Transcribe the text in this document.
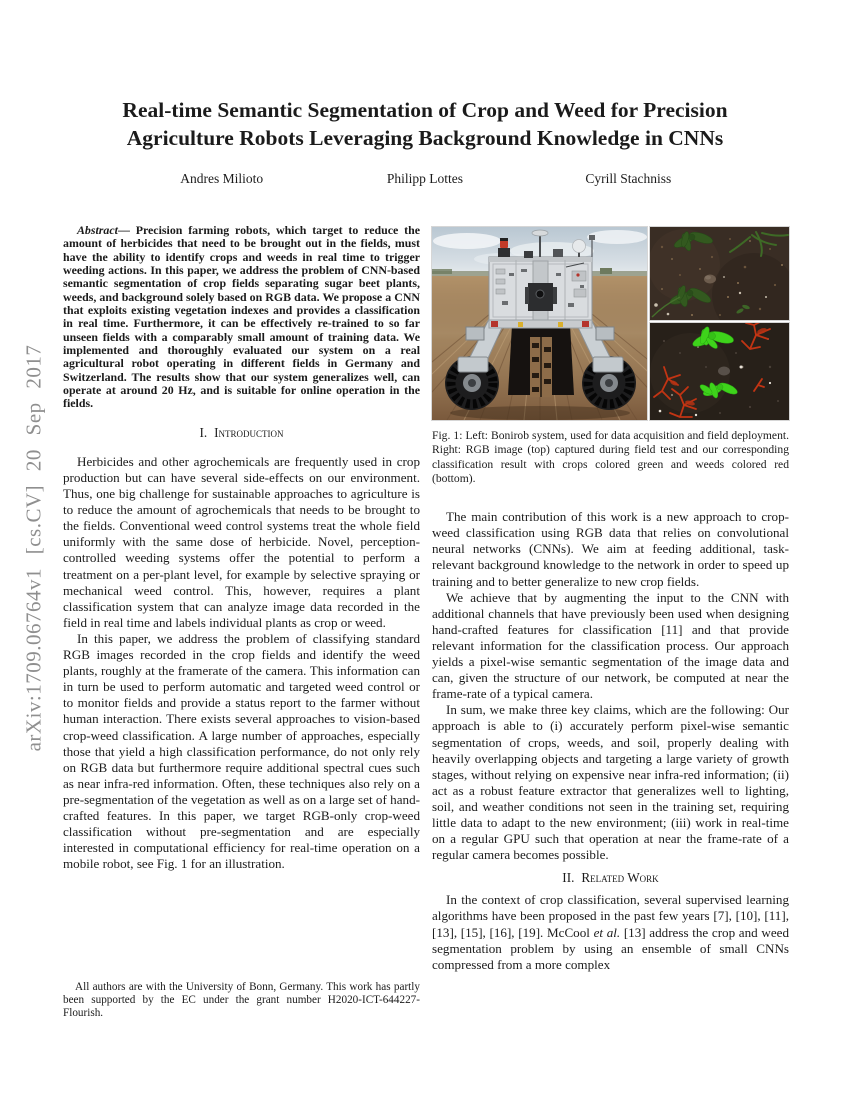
arXiv:1709.06764v1 [cs.CV] 20 Sep 2017
Real-time Semantic Segmentation of Crop and Weed for Precision
Agriculture Robots Leveraging Background Knowledge in CNNs
Andres Milioto	Philipp Lottes	Cyrill Stachniss

Abstract— Precision farming robots, which target to reduce the amount of herbicides that need to be brought out in the fields, must have the ability to identify crops and weeds in real time to trigger weeding actions. In this paper, we address the problem of CNN-based semantic segmentation of crop fields separating sugar beet plants, weeds, and background solely based on RGB data. We propose a CNN that exploits existing vegetation indexes and provides a classification in real time. Furthermore, it can be effectively re-trained to so far unseen fields with a comparably small amount of training data. We implemented and thoroughly evaluated our system on a real agricultural robot operating in different fields in Germany and Switzerland. The results show that our system generalizes well, can operate at around 20 Hz, and is suitable for online operation in the fields.

I. Introduction

Herbicides and other agrochemicals are frequently used in crop production but can have several side-effects on our environment. Thus, one big challenge for sustainable approaches to agriculture is to reduce the amount of agrochemicals that needs to be brought to the fields. Conventional weed control systems treat the whole field uniformly with the same dose of herbicide. Novel, perception-controlled weeding systems offer the potential to perform a treatment on a per-plant level, for example by selective spraying or mechanical weed control. This, however, requires a plant classification system that can analyze image data recorded in the field in real time and labels individual plants as crop or weed.

In this paper, we address the problem of classifying standard RGB images recorded in the crop fields and identify the weed plants, roughly at the framerate of the camera. This information can in turn be used to perform automatic and targeted weed control or to monitor fields and provide a status report to the farmer without human interaction. There exists several approaches to vision-based crop-weed classification. A large number of approaches, especially those that yield a high classification performance, do not only rely on RGB data but furthermore require additional spectral cues such as near infra-red information. Often, these techniques also rely on a pre-segmentation of the vegetation as well as on a large set of hand-crafted features. In this paper, we target RGB-only crop-weed classification without pre-segmentation and are especially interested in computational efficiency for real-time operation on a mobile robot, see Fig. 1 for an illustration.

All authors are with the University of Bonn, Germany. This work has partly been supported by the EC under the grant number H2020-ICT-644227-Flourish.
Fig. 1: Left: Bonirob system, used for data acquisition and field deployment. Right: RGB image (top) captured during field test and our corresponding classification result with crops colored green and weeds colored red (bottom).

The main contribution of this work is a new approach to crop-weed classification using RGB data that relies on convolutional neural networks (CNNs). We aim at feeding additional, task-relevant background knowledge to the network in order to speed up training and to better generalize to new crop fields.

We achieve that by augmenting the input to the CNN with additional channels that have previously been used when designing hand-crafted features for classification [11] and that provide relevant information for the classification process. Our approach yields a pixel-wise semantic segmentation of the image data and can, given the structure of our network, be computed at near the frame-rate of a typical camera.

In sum, we make three key claims, which are the following: Our approach is able to (i) accurately perform pixel-wise semantic segmentation of crops, weeds, and soil, properly dealing with heavily overlapping objects and targeting a large variety of growth stages, without relying on expensive near infra-red information; (ii) act as a robust feature extractor that generalizes well to lighting, soil, and weather conditions not seen in the training set, requiring little data to adapt to the new environment; (iii) work in real-time on a regular GPU such that operation at near the frame-rate of a regular camera becomes possible.

II. Related Work

In the context of crop classification, several supervised learning algorithms have been proposed in the past few years [7], [10], [11], [13], [15], [16], [19]. McCool et al. [13] address the crop and weed segmentation problem by using an ensemble of small CNNs compressed from a more complex
